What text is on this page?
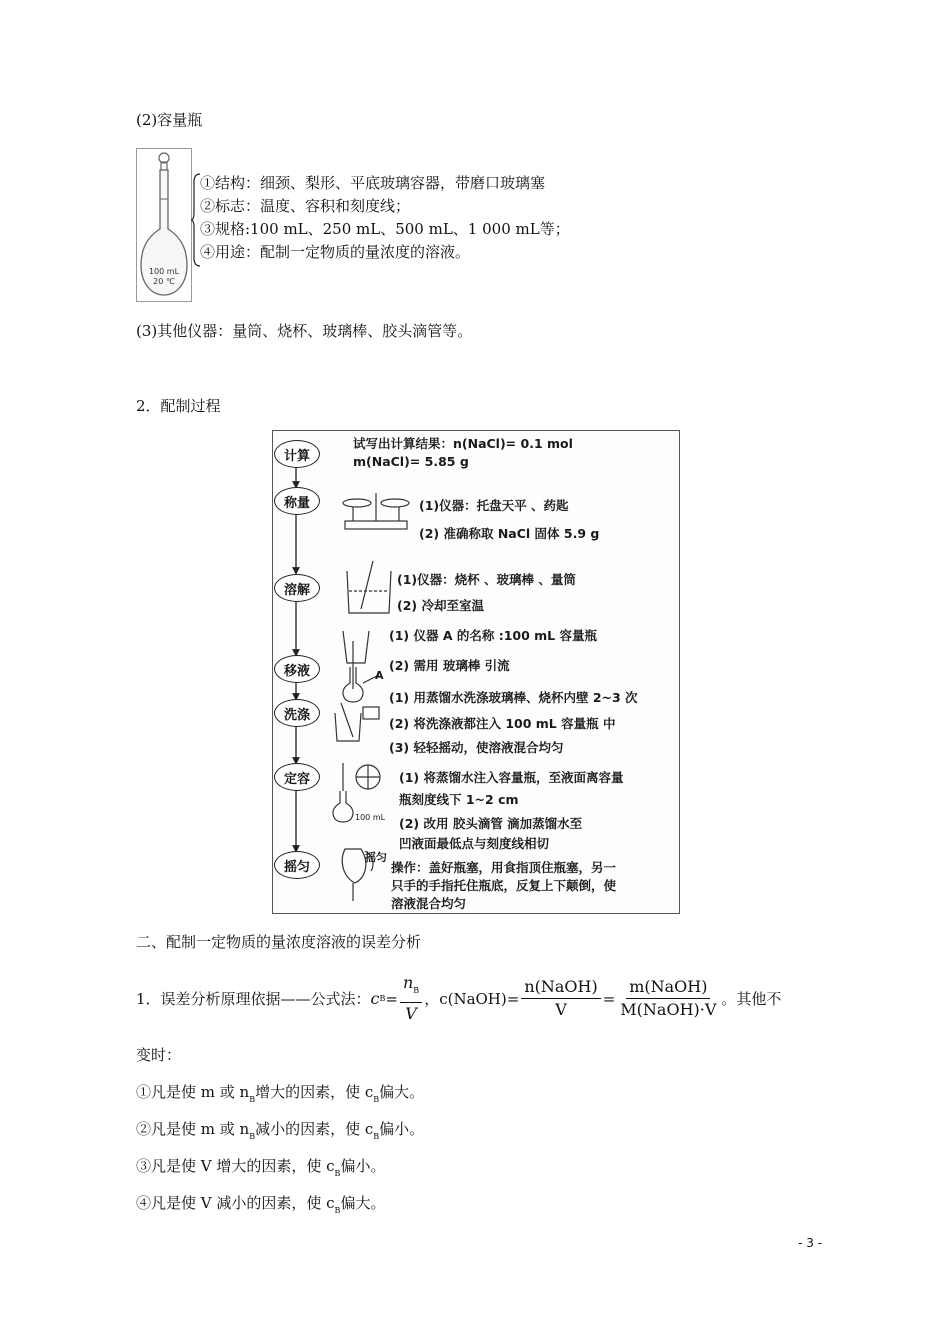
(2)容量瓶
100 mL
20 ℃
①结构：细颈、梨形、平底玻璃容器，带磨口玻璃塞
②标志：温度、容积和刻度线；
③规格:100 mL、250 mL、500 mL、1 000 mL等；
④用途：配制一定物质的量浓度的溶液。
(3)其他仪器：量筒、烧杯、玻璃棒、胶头滴管等。
2．配制过程
计算
称量
溶解
移液
洗涤
定容
摇匀
试写出计算结果：n(NaCl)= 0.1 mol
m(NaCl)= 5.85 g
(1)仪器：托盘天平 、药匙
(2) 准确称取 NaCl 固体 5.9 g
(1)仪器：烧杯 、玻璃棒 、量筒
(2) 冷却至室温
(1) 仪器 A 的名称 :100 mL 容量瓶
(2) 需用 玻璃棒 引流
A
(1) 用蒸馏水洗涤玻璃棒、烧杯内壁 2~3 次
(2) 将洗涤液都注入 100 mL 容量瓶 中
(3) 轻轻摇动，使溶液混合均匀
(1) 将蒸馏水注入容量瓶，至液面离容量
瓶刻度线下 1~2 cm
(2) 改用 胶头滴管 滴加蒸馏水至
凹液面最低点与刻度线相切
100 mL
摇匀
操作：盖好瓶塞，用食指顶住瓶塞，另一
只手的手指托住瓶底，反复上下颠倒，使
溶液混合均匀
二、配制一定物质的量浓度溶液的误差分析
1．误差分析原理依据——公式法： c $B = \frac{n_B}{V}$ ，c(NaOH)= $\frac{\text{n(NaOH)}}{V} = \frac{\text{m(NaOH)}}{\text{M(NaOH)·V}}$ 。其他不
变时：
①凡是使 m 或 $n_B$增大的因素，使 $c_B$偏大。
②凡是使 m 或 $n_B$减小的因素，使 $c_B$偏小。
③凡是使 V 增大的因素，使 $c_B$偏小。
④凡是使 V 减小的因素，使 $c_B$偏大。
- 3 -
